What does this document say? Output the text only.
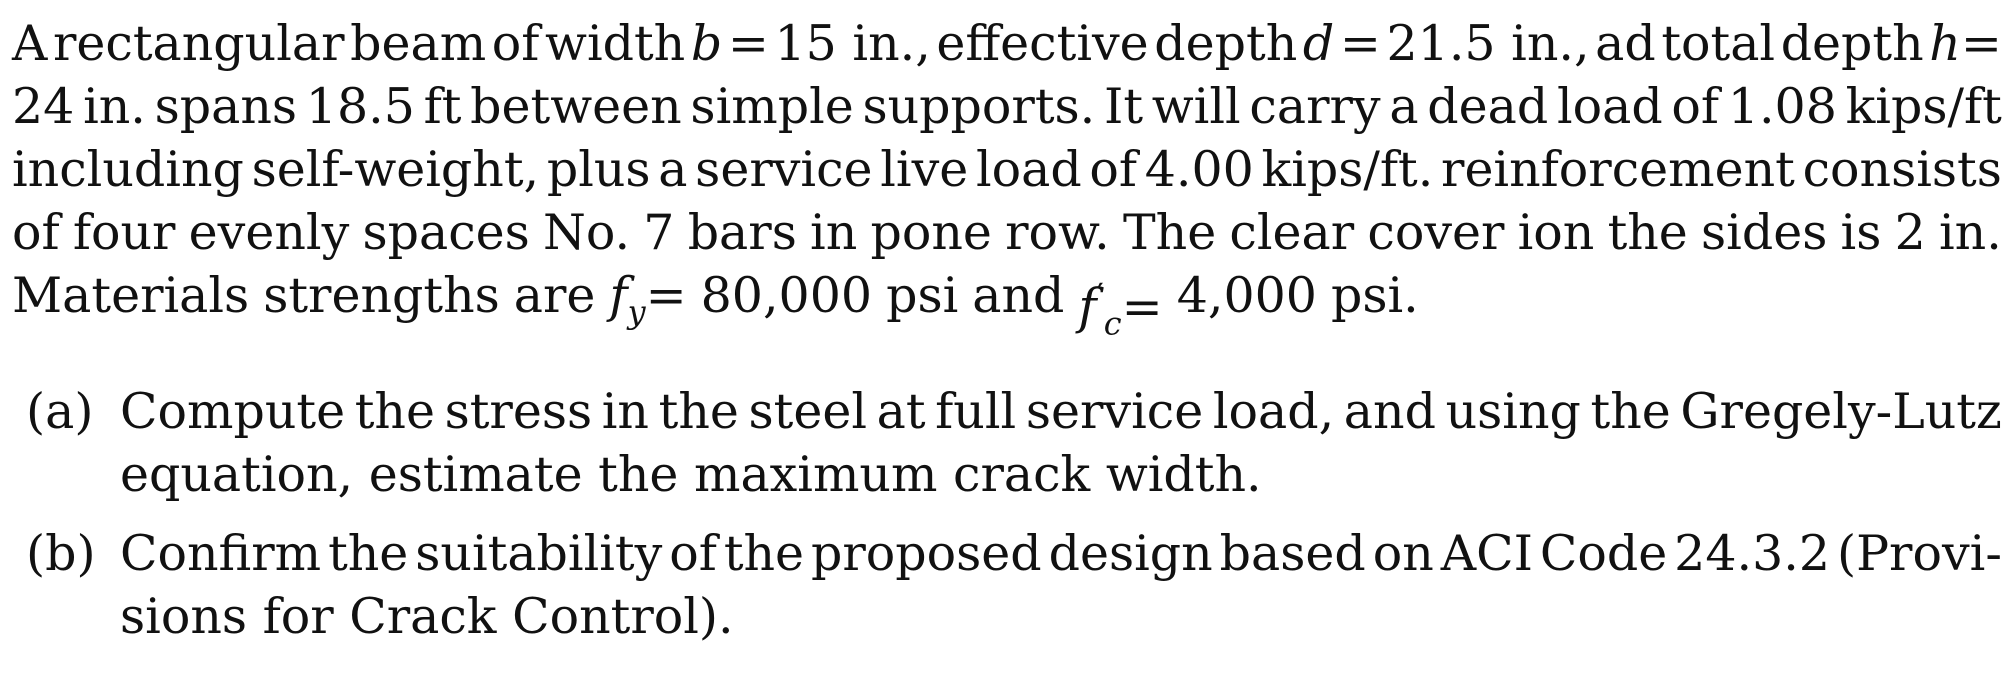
A rectangular beam of width b = 15 in., effective depth d = 21.5 in., ad total depth h=
24 in. spans 18.5 ft between simple supports. It will carry a dead load of 1.08 kips/ft
including self-weight, plus a service live load of 4.00 kips/ft. reinforcement consists
of four evenly spaces No. 7 bars in pone row. The clear cover ion the sides is 2 in.
Materials strengths are $f_y= 80,000$ psi and $f'_c= 4,000$ psi.
(a) Compute the stress in the steel at full service load, and using the Gregely-Lutz
equation, estimate the maximum crack width.
(b) Confirm the suitability of the proposed design based on ACI Code 24.3.2 (Provi-
sions for Crack Control).
